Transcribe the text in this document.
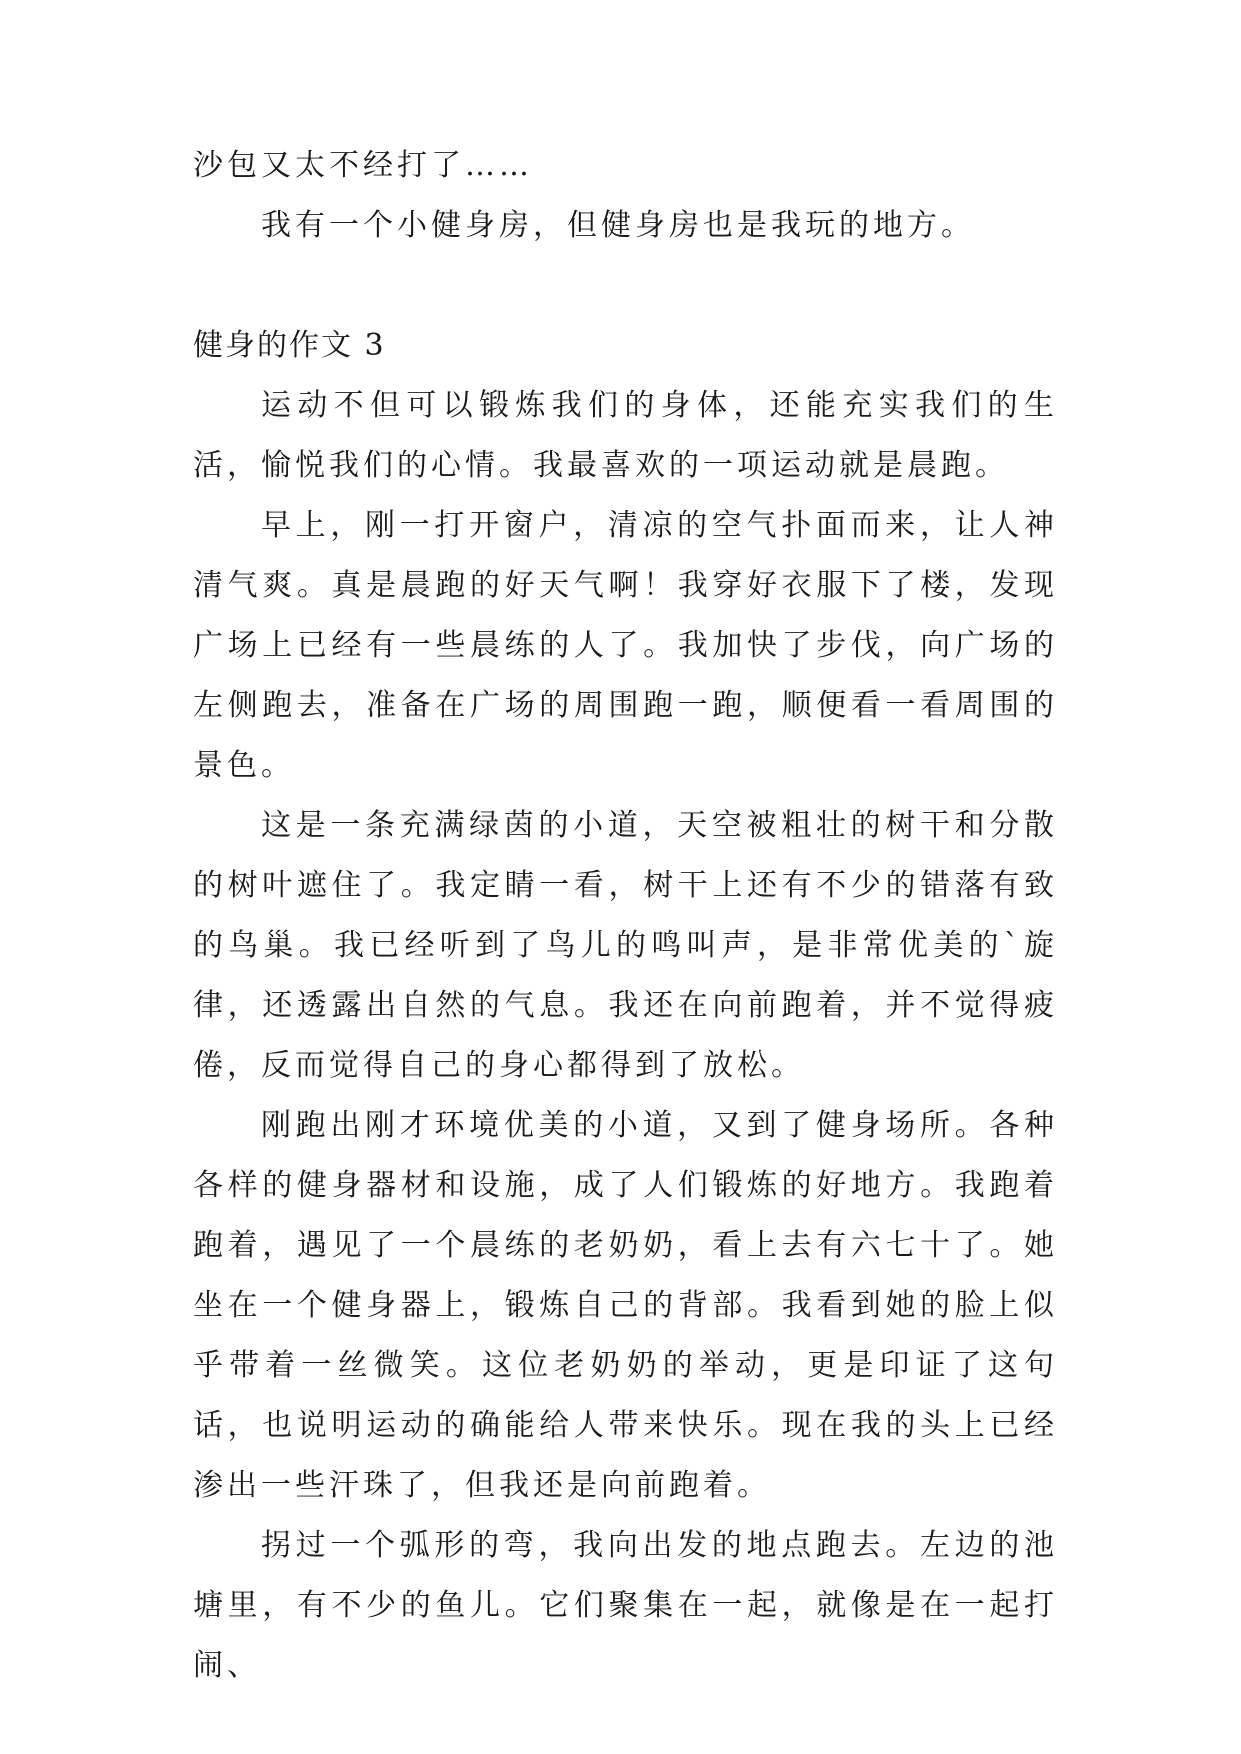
沙包又太不经打了……

我有一个小健身房，但健身房也是我玩的地方。

健身的作文 3

运动不但可以锻炼我们的身体，还能充实我们的生活，愉悦我们的心情。我最喜欢的一项运动就是晨跑。

早上，刚一打开窗户，清凉的空气扑面而来，让人神清气爽。真是晨跑的好天气啊！我穿好衣服下了楼，发现广场上已经有一些晨练的人了。我加快了步伐，向广场的左侧跑去，准备在广场的周围跑一跑，顺便看一看周围的景色。

这是一条充满绿茵的小道，天空被粗壮的树干和分散的树叶遮住了。我定睛一看，树干上还有不少的错落有致的鸟巢。我已经听到了鸟儿的鸣叫声，是非常优美的`旋律，还透露出自然的气息。我还在向前跑着，并不觉得疲倦，反而觉得自己的身心都得到了放松。

刚跑出刚才环境优美的小道，又到了健身场所。各种各样的健身器材和设施，成了人们锻炼的好地方。我跑着跑着，遇见了一个晨练的老奶奶，看上去有六七十了。她坐在一个健身器上，锻炼自己的背部。我看到她的脸上似乎带着一丝微笑。这位老奶奶的举动，更是印证了这句话，也说明运动的确能给人带来快乐。现在我的头上已经渗出一些汗珠了，但我还是向前跑着。

拐过一个弧形的弯，我向出发的地点跑去。左边的池塘里，有不少的鱼儿。它们聚集在一起，就像是在一起打闹、
